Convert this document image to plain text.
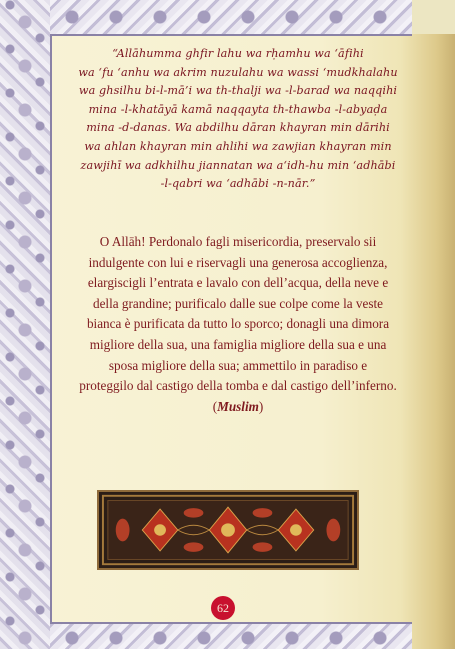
“Allāhumma ghfir lahu wa rḥamhu wa ‘āfihi
wa ‘fu ‘anhu wa akrim nuzulahu wa wassi ‘mudkhalahu
wa ghsilhu bi-l-mā’i wa th-thalji wa -l-barad wa naqqihi
mina -l-khatāyā kamā naqqayta th-thawba -l-abyaḍa
mina -d-danas. Wa abdilhu dāran khayran min dārihi
wa ahlan khayran min ahlihi wa zawjian khayran min
zawjihī wa adkhilhu jiannatan wa a‘idh-hu min ‘adhābi
-l-qabri wa ‘adhābi -n-nār.”
O Allāh! Perdonalo fagli misericordia, preservalo sii
indulgente con lui e riservagli una generosa accoglienza,
elargiscigli l’entrata e lavalo con dell’acqua, della neve e
della grandine; purificalo dalle sue colpe come la veste
bianca è purificata da tutto lo sporco; donagli una dimora
migliore della sua, una famiglia migliore della sua e una
sposa migliore della sua; ammettilo in paradiso e
proteggilo dal castigo della tomba e dal castigo dell’inferno.
(Muslim)
62
